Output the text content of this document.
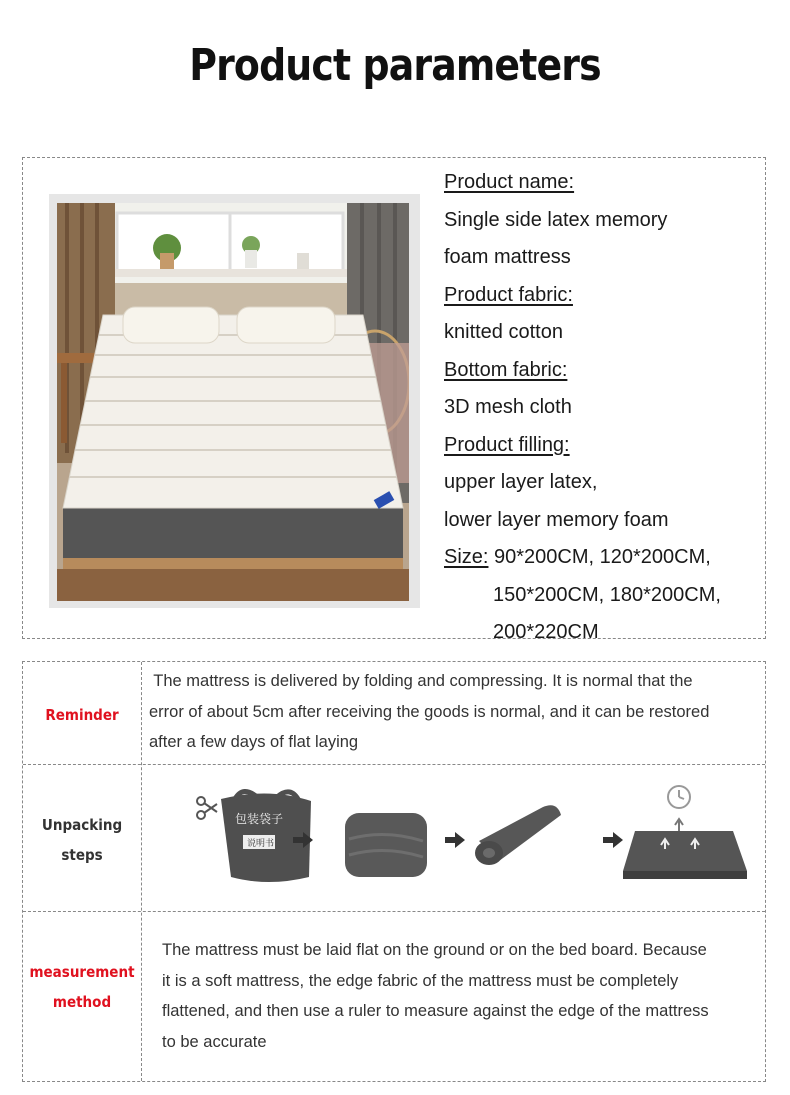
Product parameters
Product name:
Single side latex memory
foam mattress
Product fabric:
knitted cotton
Bottom fabric:
3D mesh cloth
Product filling:
upper layer latex,
lower layer memory foam
Size: 90*200CM, 120*200CM,
150*200CM, 180*200CM,
200*220CM
Reminder
The mattress is delivered by folding and compressing. It is normal that the
error of about 5cm after receiving the goods is normal, and it can be restored
after a few days of flat laying
Unpacking
steps
包装袋子
说明书
measurement
method
The mattress must be laid flat on the ground or on the bed board. Because
it is a soft mattress, the edge fabric of the mattress must be completely
flattened, and then use a ruler to measure against the edge of the mattress
to be accurate
